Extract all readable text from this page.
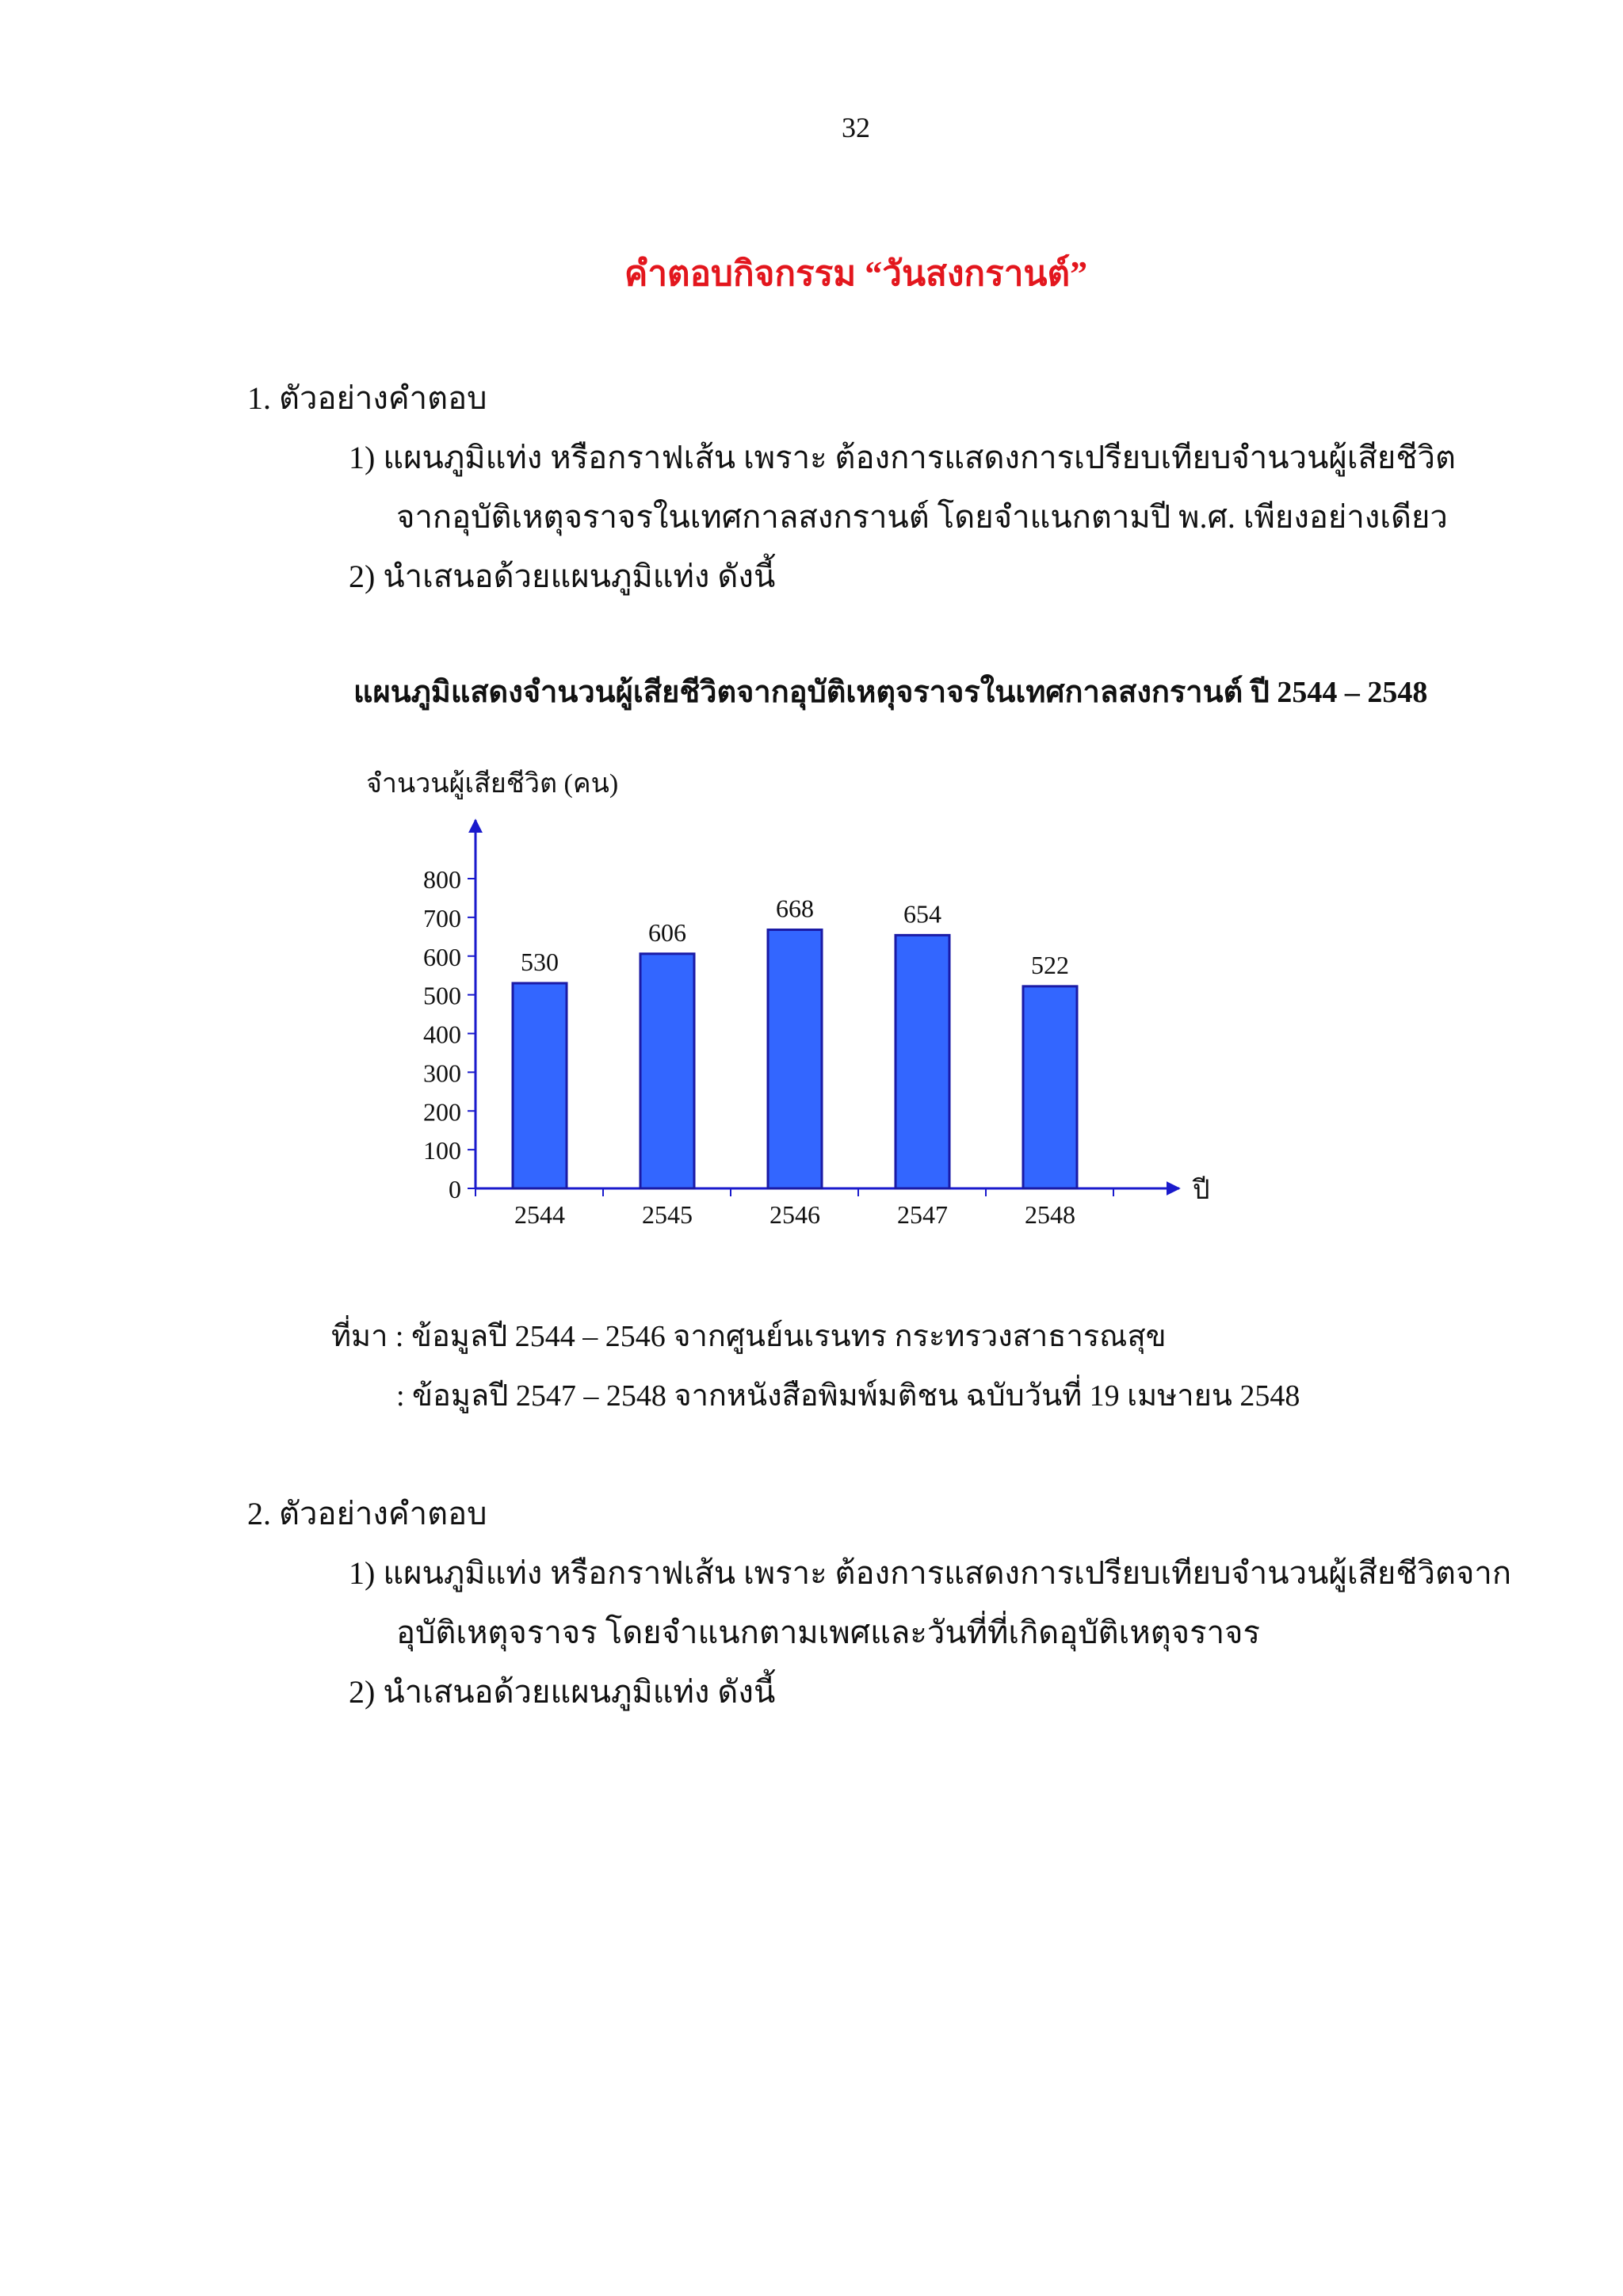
32
คำตอบกิจกรรม “วันสงกรานต์”
1. ตัวอย่างคำตอบ
1) แผนภูมิแท่ง หรือกราฟเส้น เพราะ ต้องการแสดงการเปรียบเทียบจำนวนผู้เสียชีวิต
จากอุบัติเหตุจราจรในเทศกาลสงกรานต์ โดยจำแนกตามปี พ.ศ. เพียงอย่างเดียว
2) นำเสนอด้วยแผนภูมิแท่ง ดังนี้
แผนภูมิแสดงจำนวนผู้เสียชีวิตจากอุบัติเหตุจราจรในเทศกาลสงกรานต์ ปี 2544 – 2548
จำนวนผู้เสียชีวิต (คน)
0
100
200
300
400
500
600
700
800
530
2544
606
2545
668
2546
654
2547
522
2548
ปี
ที่มา : ข้อมูลปี 2544 – 2546 จากศูนย์นเรนทร กระทรวงสาธารณสุข
: ข้อมูลปี 2547 – 2548 จากหนังสือพิมพ์มติชน ฉบับวันที่ 19 เมษายน 2548
2. ตัวอย่างคำตอบ
1) แผนภูมิแท่ง หรือกราฟเส้น เพราะ ต้องการแสดงการเปรียบเทียบจำนวนผู้เสียชีวิตจาก
อุบัติเหตุจราจร โดยจำแนกตามเพศและวันที่ที่เกิดอุบัติเหตุจราจร
2) นำเสนอด้วยแผนภูมิแท่ง ดังนี้
